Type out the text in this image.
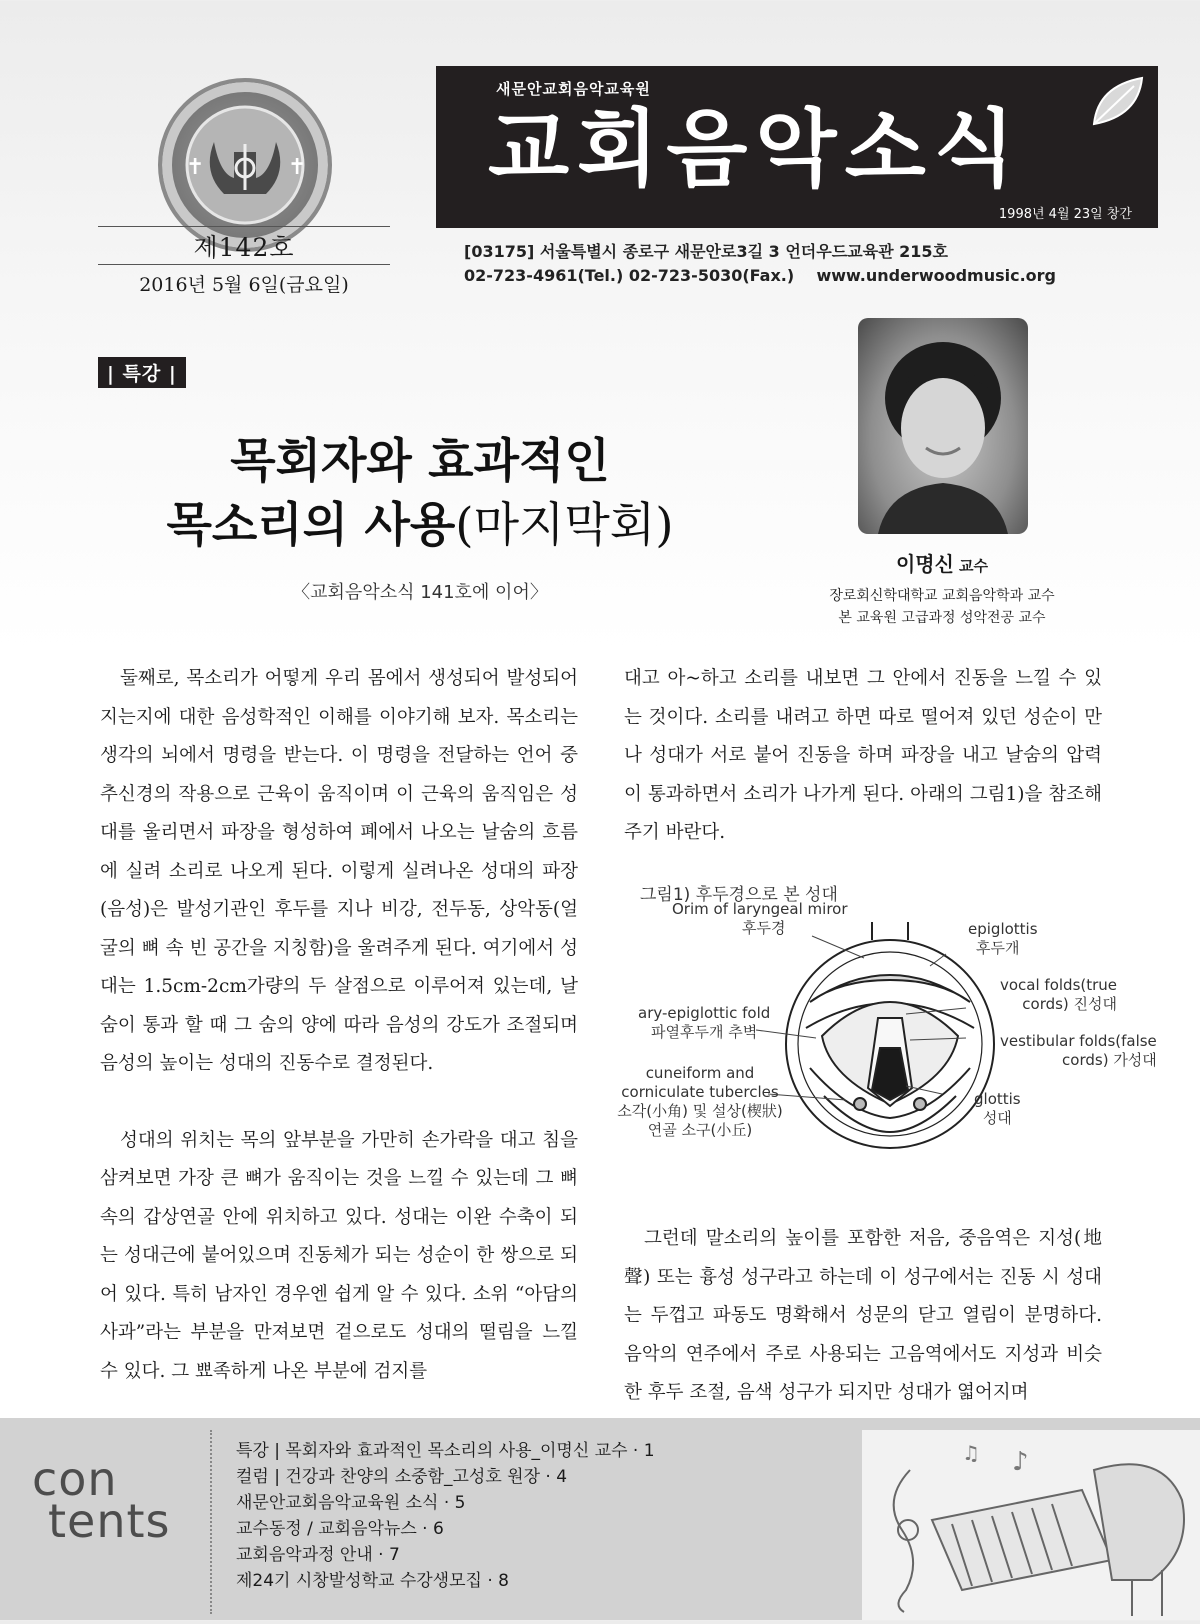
✝	✝
제142호
2016년 5월 6일(금요일)
새문안교회음악교육원
교회음악소식
1998년 4월 23일 창간
[03175] 서울특별시 종로구 새문안로3길 3 언더우드교육관 215호
02-723-4961(Tel.) 02-723-5030(Fax.)    www.underwoodmusic.org
| 특강 |
목회자와 효과적인
목소리의 사용(마지막회)
〈교회음악소식 141호에 이어〉
이명신 교수
장로회신학대학교 교회음악학과 교수
본 교육원 고급과정 성악전공 교수

둘째로, 목소리가 어떻게 우리 몸에서 생성되어 발성되어지는지에 대한 음성학적인 이해를 이야기해 보자. 목소리는 생각의 뇌에서 명령을 받는다. 이 명령을 전달하는 언어 중추신경의 작용으로 근육이 움직이며 이 근육의 움직임은 성대를 울리면서 파장을 형성하여 폐에서 나오는 날숨의 흐름에 실려 소리로 나오게 된다. 이렇게 실려나온 성대의 파장(음성)은 발성기관인 후두를 지나 비강, 전두동, 상악동(얼굴의 뼈 속 빈 공간을 지칭함)을 울려주게 된다. 여기에서 성대는 1.5cm-2cm가량의 두 살점으로 이루어져 있는데, 날 숨이 통과 할 때 그 숨의 양에 따라 음성의 강도가 조절되며 음성의 높이는 성대의 진동수로 결정된다.

성대의 위치는 목의 앞부분을 가만히 손가락을 대고 침을 삼켜보면 가장 큰 뼈가 움직이는 것을 느낄 수 있는데 그 뼈 속의 갑상연골 안에 위치하고 있다. 성대는 이완 수축이 되는 성대근에 붙어있으며 진동체가 되는 성순이 한 쌍으로 되어 있다. 특히 남자인 경우엔 쉽게 알 수 있다. 소위 “아담의 사과”라는 부분을 만져보면 겉으로도 성대의 떨림을 느낄 수 있다. 그 뾰족하게 나온 부분에 검지를

대고 아~하고 소리를 내보면 그 안에서 진동을 느낄 수 있는 것이다. 소리를 내려고 하면 따로 떨어져 있던 성순이 만나 성대가 서로 붙어 진동을 하며 파장을 내고 날숨의 압력이 통과하면서 소리가 나가게 된다. 아래의 그림1)을 참조해 주기 바란다.

그림1) 후두경으로 본 성대
Orim of laryngeal miror
후두경	epiglottis
후두개
vocal folds(true
cords) 진성대
vestibular folds(false
cords) 가성대
ary-epiglottic fold
파열후두개 추벽
cuneiform and
corniculate tubercles
소각(小角) 및 설상(楔狀)
연골 소구(小丘)
glottis
성대

그런데 말소리의 높이를 포함한 저음, 중음역은 지성(地聲) 또는 흉성 성구라고 하는데 이 성구에서는 진동 시 성대는 두껍고 파동도 명확해서 성문의 닫고 열림이 분명하다. 음악의 연주에서 주로 사용되는 고음역에서도 지성과 비슷한 후두 조절, 음색 성구가 되지만 성대가 엷어지며

con
tents
특강 | 목회자와 효과적인 목소리의 사용_이명신 교수 · 1
컬럼 | 건강과 찬양의 소중함_고성호 원장 · 4
새문안교회음악교육원 소식 · 5
교수동정 / 교회음악뉴스 · 6
교회음악과정 안내 · 7
제24기 시창발성학교 수강생모집 · 8
♪
♫
